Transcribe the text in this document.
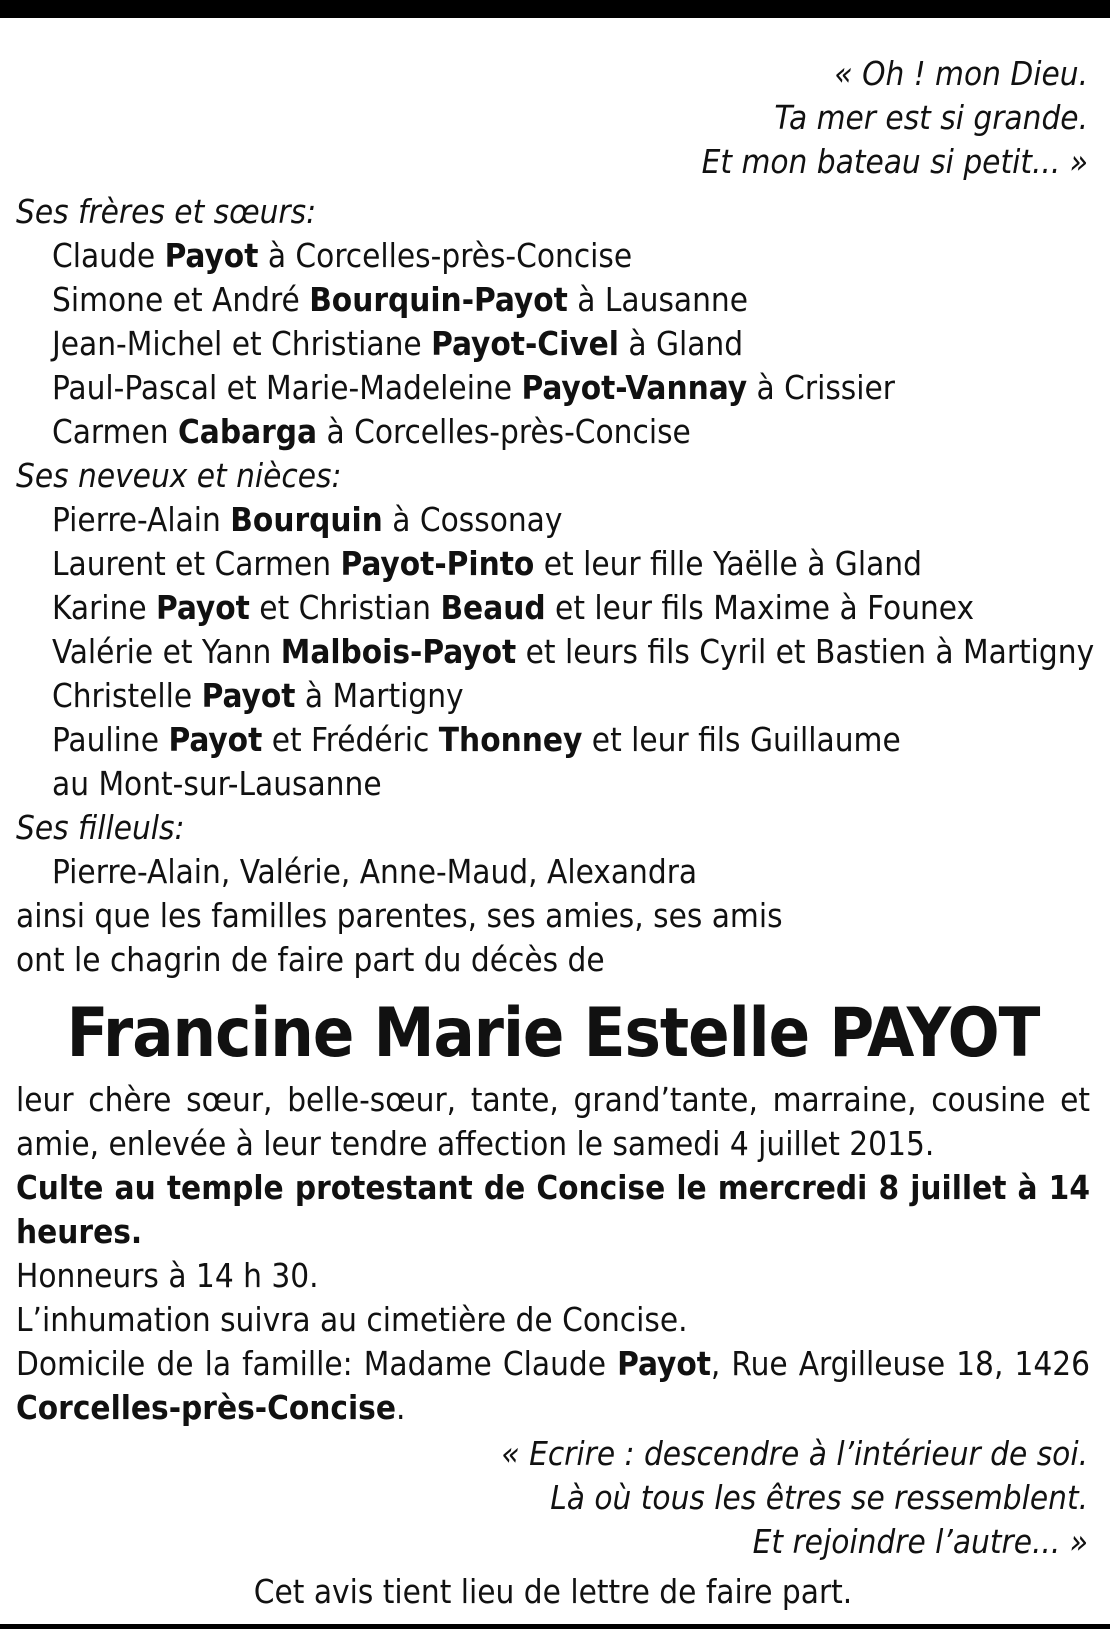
« Oh ! mon Dieu.
Ta mer est si grande.
Et mon bateau si petit... »
Ses frères et sœurs:
Claude Payot à Corcelles-près-Concise
Simone et André Bourquin-Payot à Lausanne
Jean-Michel et Christiane Payot-Civel à Gland
Paul-Pascal et Marie-Madeleine Payot-Vannay à Crissier
Carmen Cabarga à Corcelles-près-Concise
Ses neveux et nièces:
Pierre-Alain Bourquin à Cossonay
Laurent et Carmen Payot-Pinto et leur fille Yaëlle à Gland
Karine Payot et Christian Beaud et leur fils Maxime à Founex
Valérie et Yann Malbois-Payot et leurs fils Cyril et Bastien à Martigny
Christelle Payot à Martigny
Pauline Payot et Frédéric Thonney et leur fils Guillaume
au Mont-sur-Lausanne
Ses filleuls:
Pierre-Alain, Valérie, Anne-Maud, Alexandra
ainsi que les familles parentes, ses amies, ses amis
ont le chagrin de faire part du décès de
Francine Marie Estelle PAYOT
leur chère sœur, belle-sœur, tante, grand’tante, marraine, cousine et amie, enlevée à leur tendre affection le samedi 4 juillet 2015.
Culte au temple protestant de Concise le mercredi 8 juillet à 14 heures.
Honneurs à 14 h 30.
L’inhumation suivra au cimetière de Concise.
Domicile de la famille: Madame Claude Payot, Rue Argilleuse 18, 1426 Corcelles-près-Concise.
« Ecrire : descendre à l’intérieur de soi.
Là où tous les êtres se ressemblent.
Et rejoindre l’autre... »
Cet avis tient lieu de lettre de faire part.
